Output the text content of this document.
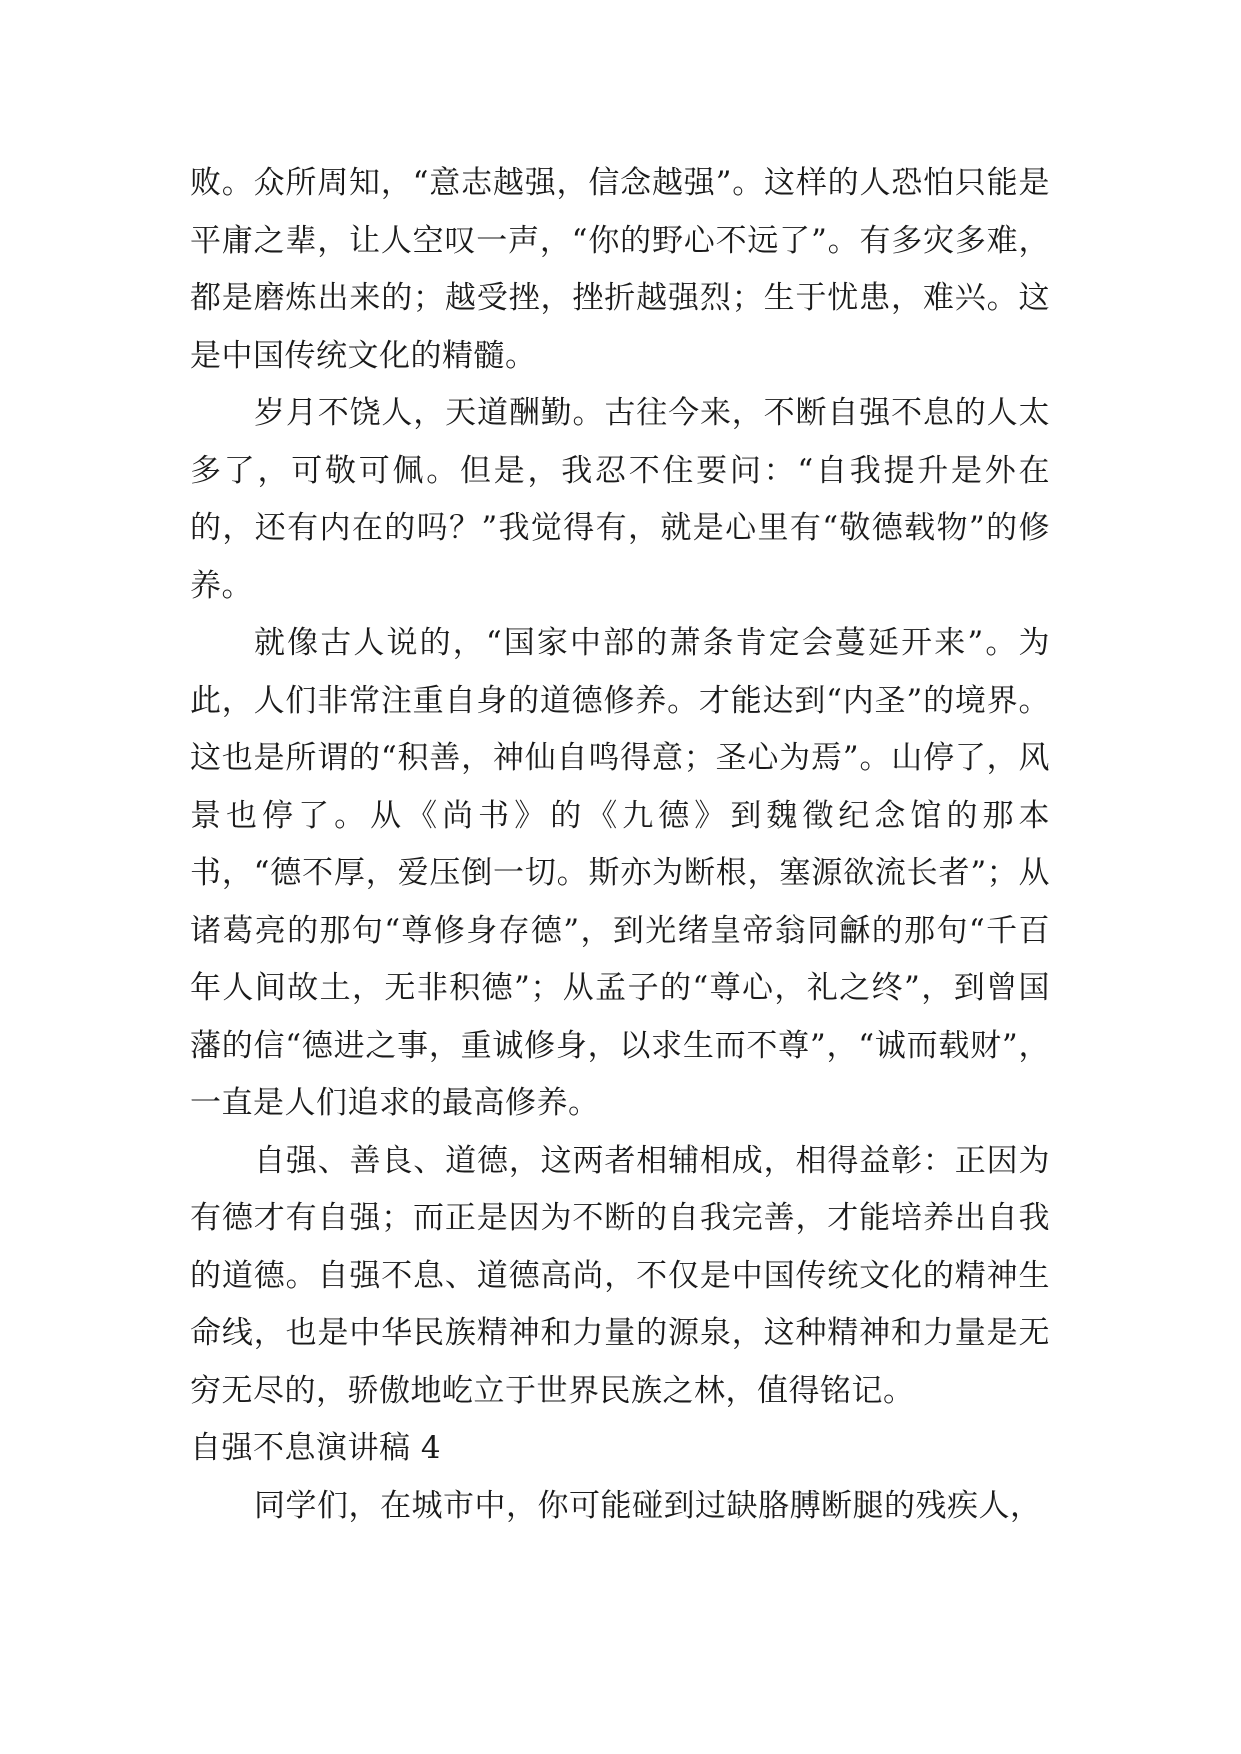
败。众所周知，“意志越强，信念越强”。这样的人恐怕只能是平庸之辈，让人空叹一声，“你的野心不远了”。有多灾多难，都是磨炼出来的；越受挫，挫折越强烈；生于忧患，难兴。这是中国传统文化的精髓。

岁月不饶人，天道酬勤。古往今来，不断自强不息的人太多了，可敬可佩。但是，我忍不住要问：“自我提升是外在的，还有内在的吗？”我觉得有，就是心里有“敬德载物”的修养。

就像古人说的，“国家中部的萧条肯定会蔓延开来”。为此，人们非常注重自身的道德修养。才能达到“内圣”的境界。这也是所谓的“积善，神仙自鸣得意；圣心为焉”。山停了，风景也停了。从《尚书》的《九德》到魏徵纪念馆的那本书，“德不厚，爱压倒一切。斯亦为断根，塞源欲流长者”；从诸葛亮的那句“尊修身存德”，到光绪皇帝翁同龢的那句“千百年人间故土，无非积德”；从孟子的“尊心，礼之终”，到曾国藩的信“德进之事，重诚修身，以求生而不尊”，“诚而载财”，一直是人们追求的最高修养。

自强、善良、道德，这两者相辅相成，相得益彰：正因为有德才有自强；而正是因为不断的自我完善，才能培养出自我的道德。自强不息、道德高尚，不仅是中国传统文化的精神生命线，也是中华民族精神和力量的源泉，这种精神和力量是无穷无尽的，骄傲地屹立于世界民族之林，值得铭记。

自强不息演讲稿 4

同学们，在城市中，你可能碰到过缺胳膊断腿的残疾人，
